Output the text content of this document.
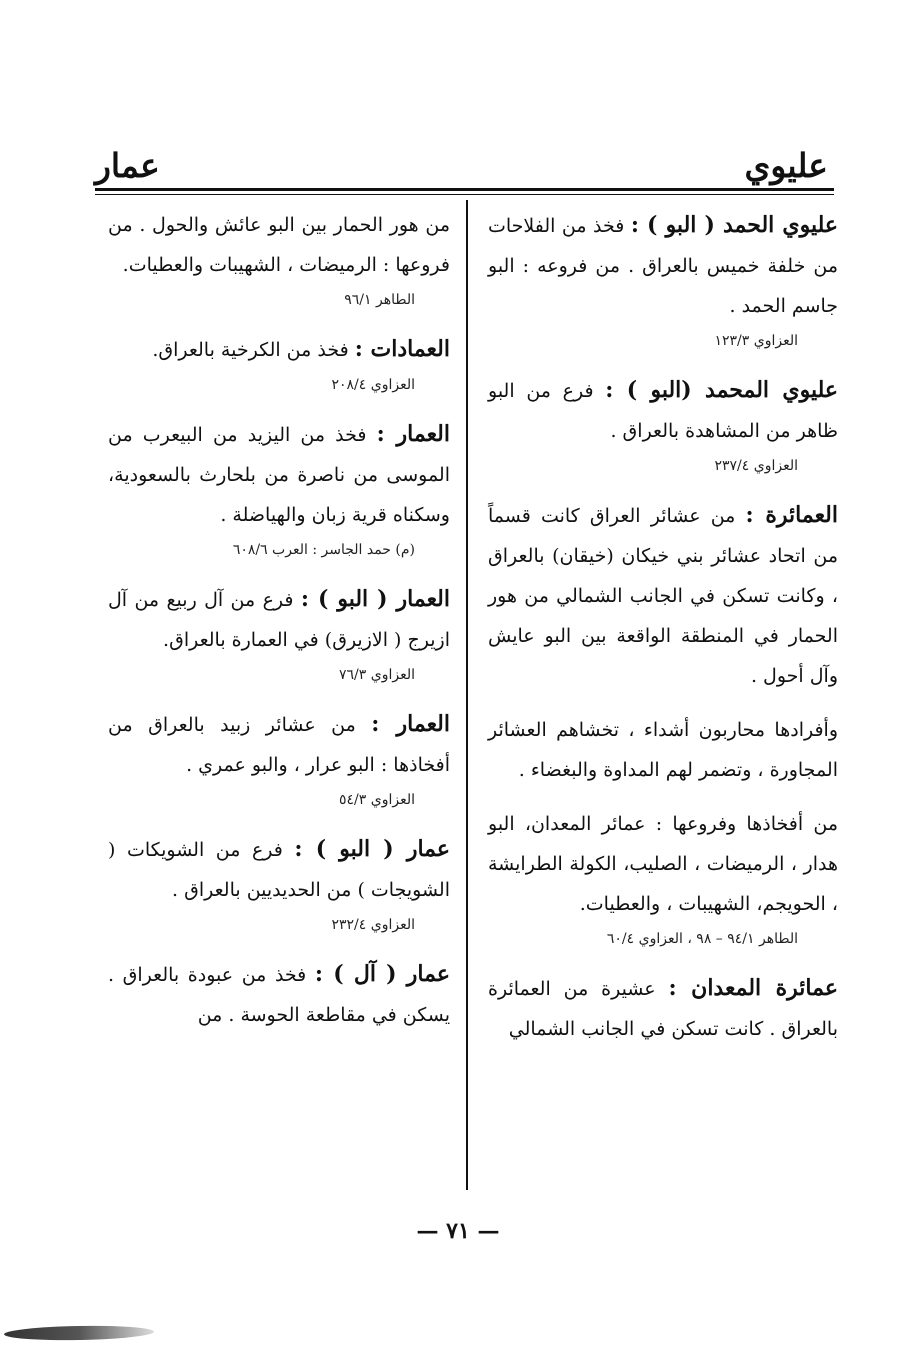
عمار	عليوي

عليوي الحمد ( البو ) : فخذ من الفلاحات من خلفة خميس بالعراق . من فروعه : البو جاسم الحمد .

العزاوي ١٢٣/٣

عليوي المحمد (البو ) : فرع من البو ظاهر من المشاهدة بالعراق .

العزاوي ٢٣٧/٤

العمائرة : من عشائر العراق كانت قسماً من اتحاد عشائر بني خيكان (خيقان) بالعراق ، وكانت تسكن في الجانب الشمالي من هور الحمار في المنطقة الواقعة بين البو عايش وآل أحول .

وأفرادها محاربون أشداء ، تخشاهم العشائر المجاورة ، وتضمر لهم المداوة والبغضاء .

من أفخاذها وفروعها : عمائر المعدان، البو هدار ، الرميضات ، الصليب، الكولة الطرايشة ، الحويجم، الشهيبات ، والعطيات.

الطاهر ٩٤/١ – ٩٨ ، العزاوي ٦٠/٤

عمائرة المعدان : عشيرة من العمائرة بالعراق . كانت تسكن في الجانب الشمالي

من هور الحمار بين البو عائش والحول . من فروعها : الرميضات ، الشهيبات والعطيات.

الطاهر ٩٦/١

العمادات : فخذ من الكرخية بالعراق.

العزاوي ٢٠٨/٤

العمار : فخذ من اليزيد من البيعرب من الموسى من ناصرة من بلحارث بالسعودية، وسكناه قرية زبان والهياضلة .

(م) حمد الجاسر : العرب ٦٠٨/٦

العمار ( البو ) : فرع من آل ربيع من آل ازيرج ( الازيرق) في العمارة بالعراق.

العزاوي ٧٦/٣

العمار : من عشائر زبيد بالعراق من أفخاذها : البو عرار ، والبو عمري .

العزاوي ٥٤/٣

عمار ( البو ) : فرع من الشويكات ( الشويجات ) من الحديديين بالعراق .

العزاوي ٢٣٢/٤

عمار ( آل ) : فخذ من عبودة بالعراق . يسكن في مقاطعة الحوسة . من

— ٧١ —
